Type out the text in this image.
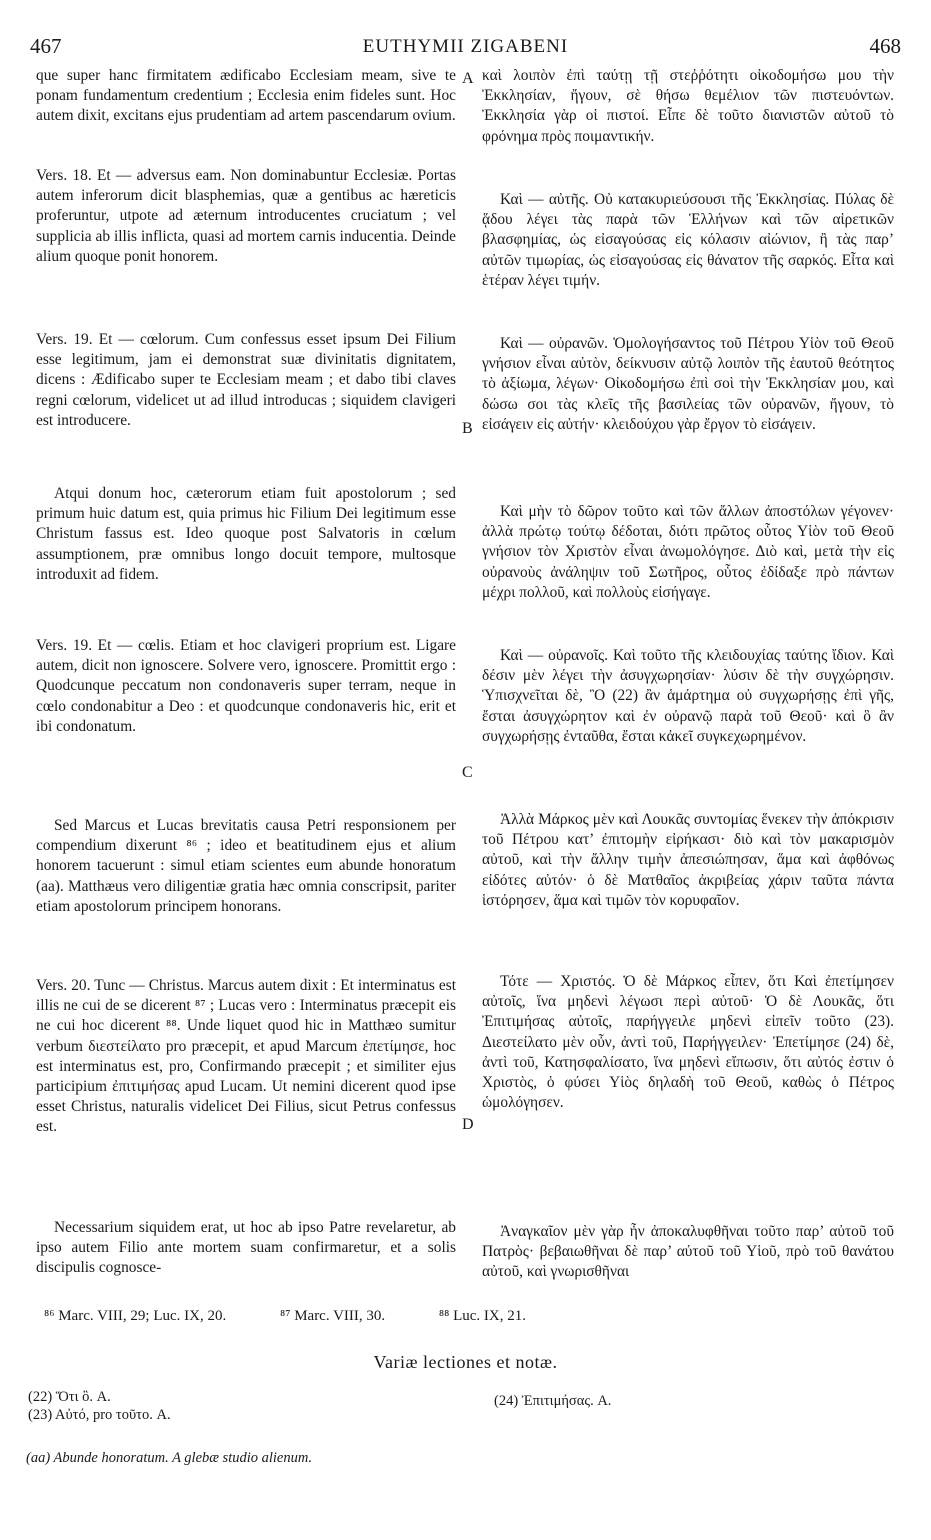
467	EUTHYMII ZIGABENI	468

que super hanc firmitatem ædificabo Ecclesiam meam, sive te ponam fundamentum credentium ; Ecclesia enim fideles sunt. Hoc autem dixit, excitans ejus prudentiam ad artem pascendarum ovium.

Vers. 18. Et — adversus eam. Non dominabuntur Ecclesiæ. Portas autem inferorum dicit blasphemias, quæ a gentibus ac hæreticis proferuntur, utpote ad æternum introducentes cruciatum ; vel supplicia ab illis inflicta, quasi ad mortem carnis inducentia. Deinde alium quoque ponit honorem.

Vers. 19. Et — cœlorum. Cum confessus esset ipsum Dei Filium esse legitimum, jam ei demonstrat suæ divinitatis dignitatem, dicens : Ædificabo super te Ecclesiam meam ; et dabo tibi claves regni cœlorum, videlicet ut ad illud introducas ; siquidem clavigeri est introducere.

Atqui donum hoc, cæterorum etiam fuit apostolorum ; sed primum huic datum est, quia primus hic Filium Dei legitimum esse Christum fassus est. Ideo quoque post Salvatoris in cœlum assumptionem, præ omnibus longo docuit tempore, multosque introduxit ad fidem.

Vers. 19. Et — cœlis. Etiam et hoc clavigeri proprium est. Ligare autem, dicit non ignoscere. Solvere vero, ignoscere. Promittit ergo : Quodcunque peccatum non condonaveris super terram, neque in cœlo condonabitur a Deo : et quodcunque condonaveris hic, erit et ibi condonatum.

Sed Marcus et Lucas brevitatis causa Petri responsionem per compendium dixerunt ⁸⁶ ; ideo et beatitudinem ejus et alium honorem tacuerunt : simul etiam scientes eum abunde honoratum (aa). Matthæus vero diligentiæ gratia hæc omnia conscripsit, pariter etiam apostolorum principem honorans.

Vers. 20. Tunc — Christus. Marcus autem dixit : Et interminatus est illis ne cui de se dicerent ⁸⁷ ; Lucas vero : Interminatus præcepit eis ne cui hoc dicerent ⁸⁸. Unde liquet quod hic in Matthæo sumitur verbum διεστείλατο pro præcepit, et apud Marcum ἐπετίμησε, hoc est interminatus est, pro, Confirmando præcepit ; et similiter ejus participium ἐπιτιμήσας apud Lucam. Ut nemini dicerent quod ipse esset Christus, naturalis videlicet Dei Filius, sicut Petrus confessus est.

Necessarium siquidem erat, ut hoc ab ipso Patre revelaretur, ab ipso autem Filio ante mortem suam confirmaretur, et a solis discipulis cognosce-

A
B
C
D

καὶ λοιπὸν ἐπὶ ταύτῃ τῇ στεῤῥότητι οἰκοδομήσω μου τὴν Ἐκκλησίαν, ἤγουν, σὲ θήσω θεμέλιον τῶν πιστευόντων. Ἐκκλησία γὰρ οἱ πιστοί. Εἶπε δὲ τοῦτο διανιστῶν αὐτοῦ τὸ φρόνημα πρὸς ποιμαντικήν.

Καὶ — αὐτῆς. Οὐ κατακυριεύσουσι τῆς Ἐκκλησίας. Πύλας δὲ ᾅδου λέγει τὰς παρὰ τῶν Ἑλλήνων καὶ τῶν αἱρετικῶν βλασφημίας, ὡς εἰσαγούσας εἰς κόλασιν αἰώνιον, ἢ τὰς παρ’ αὐτῶν τιμωρίας, ὡς εἰσαγούσας εἰς θάνατον τῆς σαρκός. Εἶτα καὶ ἑτέραν λέγει τιμήν.

Καὶ — οὐρανῶν. Ὁμολογήσαντος τοῦ Πέτρου Υἱὸν τοῦ Θεοῦ γνήσιον εἶναι αὐτὸν, δείκνυσιν αὐτῷ λοιπὸν τῆς ἑαυτοῦ θεότητος τὸ ἀξίωμα, λέγων· Οἰκοδομήσω ἐπὶ σοὶ τὴν Ἐκκλησίαν μου, καὶ δώσω σοι τὰς κλεῖς τῆς βασιλείας τῶν οὐρανῶν, ἤγουν, τὸ εἰσάγειν εἰς αὐτήν· κλειδούχου γὰρ ἔργον τὸ εἰσάγειν.

Καὶ μὴν τὸ δῶρον τοῦτο καὶ τῶν ἄλλων ἀποστόλων γέγονεν· ἀλλὰ πρώτῳ τούτῳ δέδοται, διότι πρῶτος οὗτος Υἱὸν τοῦ Θεοῦ γνήσιον τὸν Χριστὸν εἶναι ἀνωμολόγησε. Διὸ καὶ, μετὰ τὴν εἰς οὐρανοὺς ἀνάληψιν τοῦ Σωτῆρος, οὗτος ἐδίδαξε πρὸ πάντων μέχρι πολλοῦ, καὶ πολλοὺς εἰσήγαγε.

Καὶ — οὐρανοῖς. Καὶ τοῦτο τῆς κλειδουχίας ταύτης ἴδιον. Καὶ δέσιν μὲν λέγει τὴν ἀσυγχωρησίαν· λύσιν δὲ τὴν συγχώρησιν. Ὑπισχνεῖται δὲ, Ὃ (22) ἂν ἁμάρτημα οὐ συγχωρήσῃς ἐπὶ γῆς, ἔσται ἀσυγχώρητον καὶ ἐν οὐρανῷ παρὰ τοῦ Θεοῦ· καὶ ὃ ἂν συγχωρήσῃς ἐνταῦθα, ἔσται κἀκεῖ συγκεχωρημένον.

Ἀλλὰ Μάρκος μὲν καὶ Λουκᾶς συντομίας ἕνεκεν τὴν ἀπόκρισιν τοῦ Πέτρου κατ’ ἐπιτομὴν εἰρήκασι· διὸ καὶ τὸν μακαρισμὸν αὐτοῦ, καὶ τὴν ἄλλην τιμὴν ἀπεσιώπησαν, ἅμα καὶ ἀφθόνως εἰδότες αὐτόν· ὁ δὲ Ματθαῖος ἀκριβείας χάριν ταῦτα πάντα ἱστόρησεν, ἅμα καὶ τιμῶν τὸν κορυφαῖον.

Τότε — Χριστός. Ὁ δὲ Μάρκος εἶπεν, ὅτι Καὶ ἐπετίμησεν αὐτοῖς, ἵνα μηδενὶ λέγωσι περὶ αὐτοῦ· Ὁ δὲ Λουκᾶς, ὅτι Ἐπιτιμήσας αὐτοῖς, παρήγγειλε μηδενὶ εἰπεῖν τοῦτο (23). Διεστείλατο μὲν οὖν, ἀντὶ τοῦ, Παρήγγειλεν· Ἐπετίμησε (24) δὲ, ἀντὶ τοῦ, Κατησφαλίσατο, ἵνα μηδενὶ εἴπωσιν, ὅτι αὐτός ἐστιν ὁ Χριστὸς, ὁ φύσει Υἱὸς δηλαδὴ τοῦ Θεοῦ, καθὼς ὁ Πέτρος ὡμολόγησεν.

Ἀναγκαῖον μὲν γὰρ ἦν ἀποκαλυφθῆναι τοῦτο παρ’ αὐτοῦ τοῦ Πατρὸς· βεβαιωθῆναι δὲ παρ’ αὐτοῦ τοῦ Υἱοῦ, πρὸ τοῦ θανάτου αὐτοῦ, καὶ γνωρισθῆναι

⁸⁶ Marc. VIII, 29; Luc. IX, 20.	⁸⁷ Marc. VIII, 30.	⁸⁸ Luc. IX, 21.
Variæ lectiones et notæ.
(22) Ὅτι ὃ. A.
(23) Αὐτό, pro τοῦτο. A.
(24) Ἐπιτιμήσας. A.
(aa) Abunde honoratum. A glebæ studio alienum.
